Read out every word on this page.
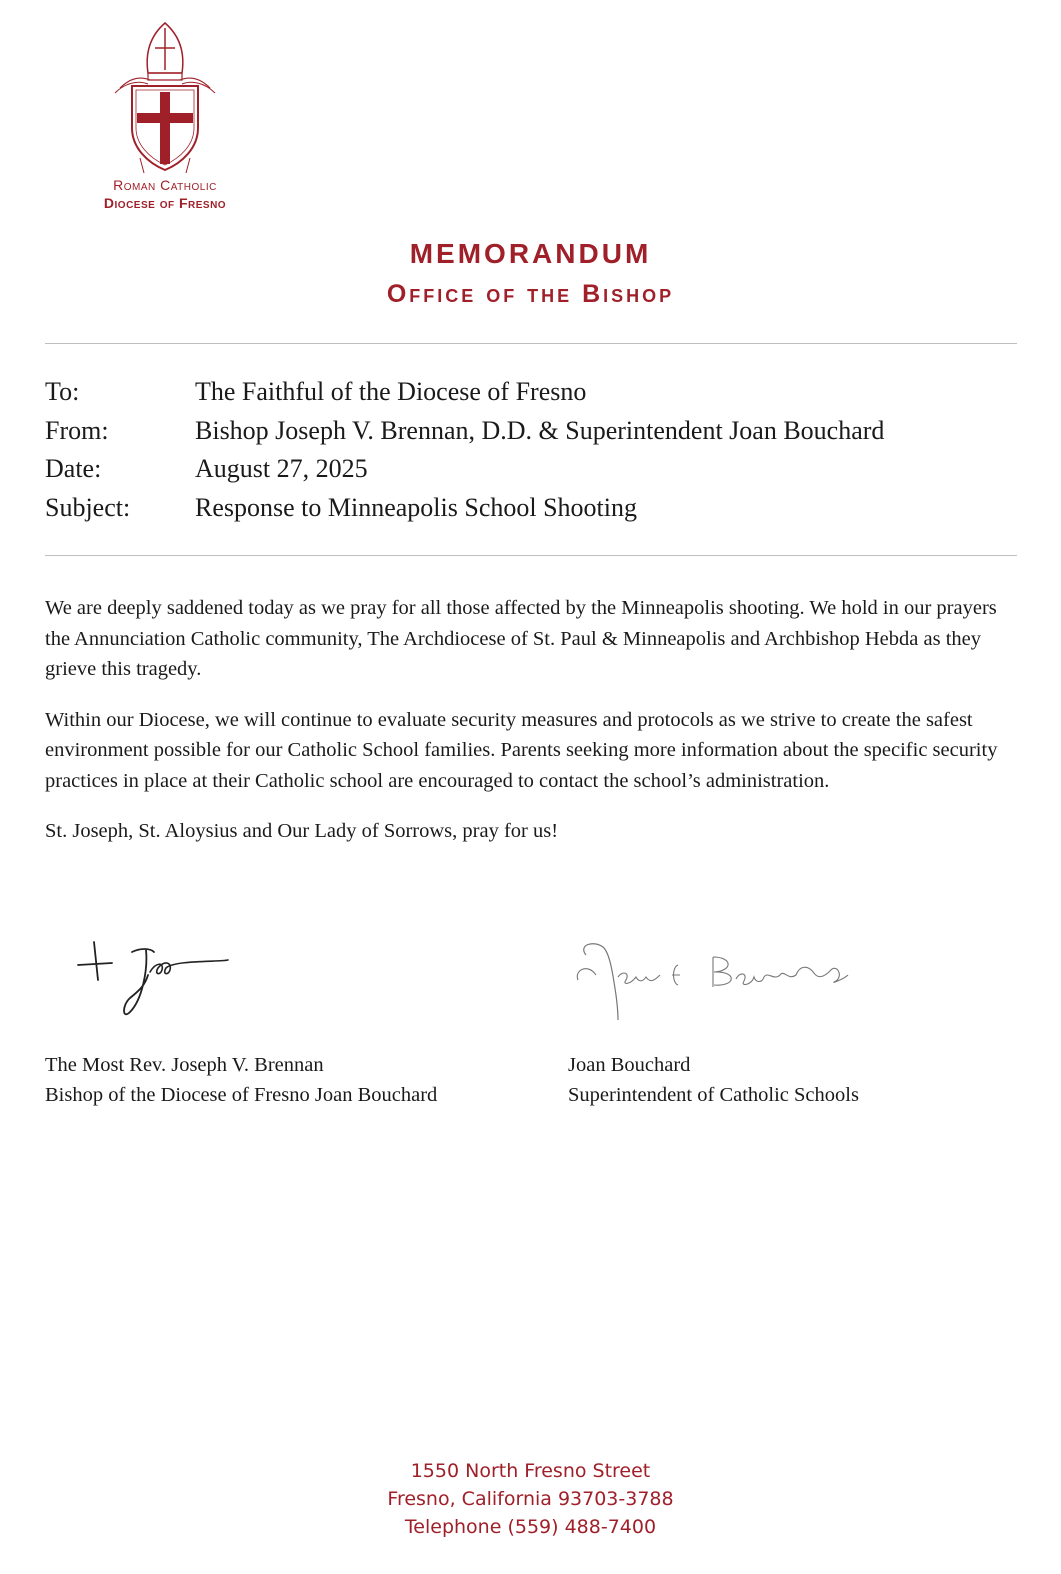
Roman Catholic
Diocese of Fresno
MEMORANDUM
Office of the Bishop
To:	The Faithful of the Diocese of Fresno
From:	Bishop Joseph V. Brennan, D.D. & Superintendent Joan Bouchard
Date:	August 27, 2025
Subject:	Response to Minneapolis School Shooting

We are deeply saddened today as we pray for all those affected by the Minneapolis shooting. We hold in our prayers the Annunciation Catholic community, The Archdiocese of St. Paul & Minneapolis and Archbishop Hebda as they grieve this tragedy.

Within our Diocese, we will continue to evaluate security measures and protocols as we strive to create the safest environment possible for our Catholic School families. Parents seeking more information about the specific security practices in place at their Catholic school are encouraged to contact the school’s administration.

St. Joseph, St. Aloysius and Our Lady of Sorrows, pray for us!

The Most Rev. Joseph V. Brennan
Bishop of the Diocese of Fresno Joan Bouchard
Joan Bouchard
Superintendent of Catholic Schools
1550 North Fresno Street
Fresno, California 93703-3788
Telephone (559) 488-7400
